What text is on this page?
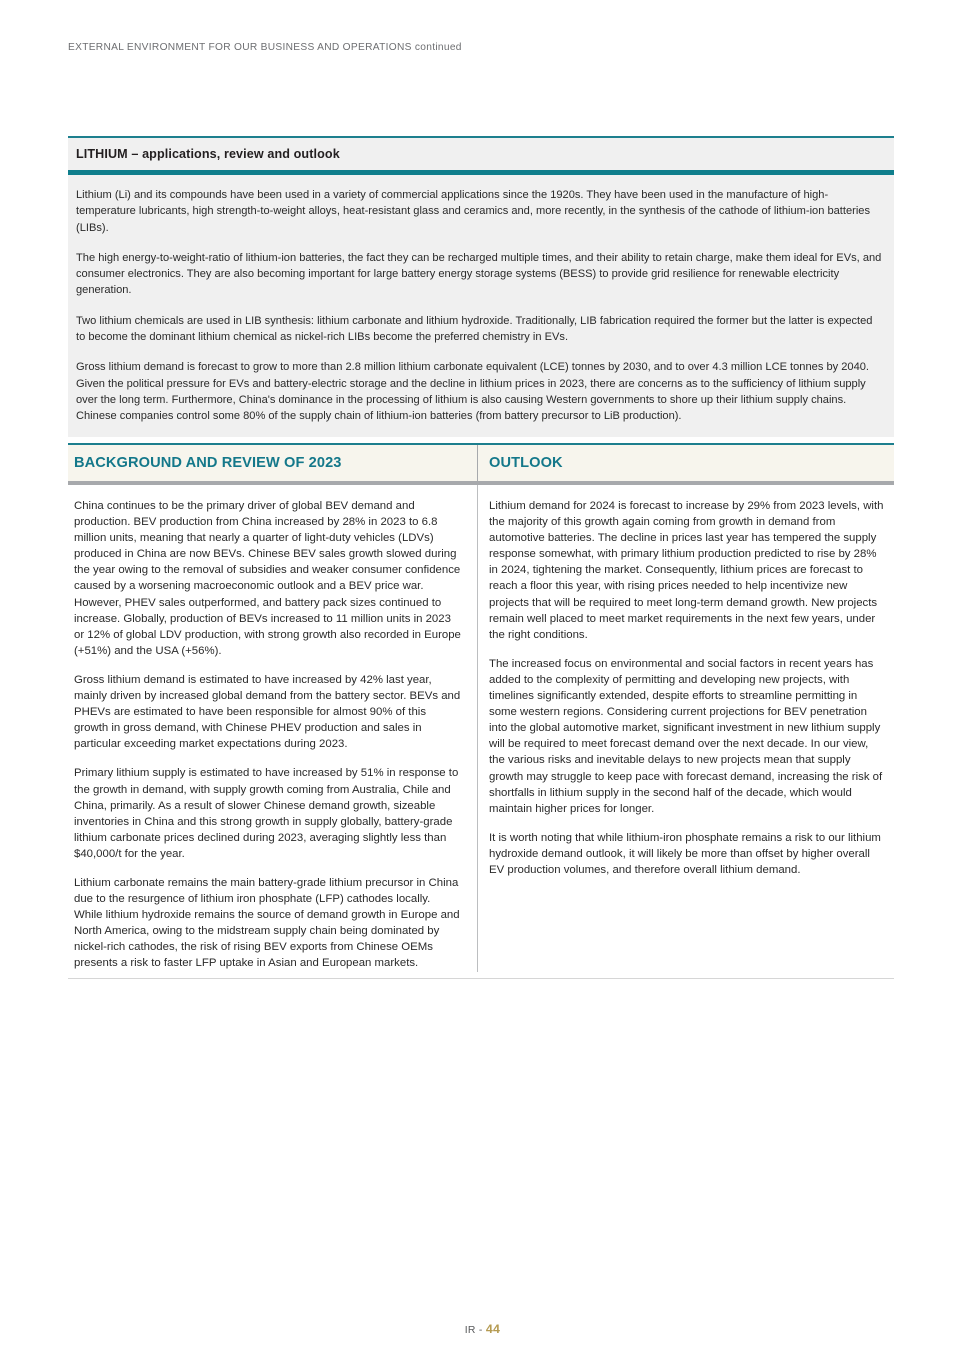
EXTERNAL ENVIRONMENT FOR OUR BUSINESS AND OPERATIONS continued
LITHIUM – applications, review and outlook

Lithium (Li) and its compounds have been used in a variety of commercial applications since the 1920s. They have been used in the manufacture of high-temperature lubricants, high strength-to-weight alloys, heat-resistant glass and ceramics and, more recently, in the synthesis of the cathode of lithium-ion batteries (LIBs).

The high energy-to-weight-ratio of lithium-ion batteries, the fact they can be recharged multiple times, and their ability to retain charge, make them ideal for EVs, and consumer electronics. They are also becoming important for large battery energy storage systems (BESS) to provide grid resilience for renewable electricity generation.

Two lithium chemicals are used in LIB synthesis: lithium carbonate and lithium hydroxide. Traditionally, LIB fabrication required the former but the latter is expected to become the dominant lithium chemical as nickel-rich LIBs become the preferred chemistry in EVs.

Gross lithium demand is forecast to grow to more than 2.8 million lithium carbonate equivalent (LCE) tonnes by 2030, and to over 4.3 million LCE tonnes by 2040. Given the political pressure for EVs and battery-electric storage and the decline in lithium prices in 2023, there are concerns as to the sufficiency of lithium supply over the long term. Furthermore, China's dominance in the processing of lithium is also causing Western governments to shore up their lithium supply chains. Chinese companies control some 80% of the supply chain of lithium-ion batteries (from battery precursor to LiB production).

BACKGROUND AND REVIEW OF 2023	OUTLOOK

China continues to be the primary driver of global BEV demand and production. BEV production from China increased by 28% in 2023 to 6.8 million units, meaning that nearly a quarter of light-duty vehicles (LDVs) produced in China are now BEVs. Chinese BEV sales growth slowed during the year owing to the removal of subsidies and weaker consumer confidence caused by a worsening macroeconomic outlook and a BEV price war. However, PHEV sales outperformed, and battery pack sizes continued to increase. Globally, production of BEVs increased to 11 million units in 2023 or 12% of global LDV production, with strong growth also recorded in Europe (+51%) and the USA (+56%).

Gross lithium demand is estimated to have increased by 42% last year, mainly driven by increased global demand from the battery sector. BEVs and PHEVs are estimated to have been responsible for almost 90% of this growth in gross demand, with Chinese PHEV production and sales in particular exceeding market expectations during 2023.

Primary lithium supply is estimated to have increased by 51% in response to the growth in demand, with supply growth coming from Australia, Chile and China, primarily. As a result of slower Chinese demand growth, sizeable inventories in China and this strong growth in supply globally, battery-grade lithium carbonate prices declined during 2023, averaging slightly less than $40,000/t for the year.

Lithium carbonate remains the main battery-grade lithium precursor in China due to the resurgence of lithium iron phosphate (LFP) cathodes locally. While lithium hydroxide remains the source of demand growth in Europe and North America, owing to the midstream supply chain being dominated by nickel-rich cathodes, the risk of rising BEV exports from Chinese OEMs presents a risk to faster LFP uptake in Asian and European markets.

Lithium demand for 2024 is forecast to increase by 29% from 2023 levels, with the majority of this growth again coming from growth in demand from automotive batteries. The decline in prices last year has tempered the supply response somewhat, with primary lithium production predicted to rise by 28% in 2024, tightening the market. Consequently, lithium prices are forecast to reach a floor this year, with rising prices needed to help incentivize new projects that will be required to meet long-term demand growth. New projects remain well placed to meet market requirements in the next few years, under the right conditions.

The increased focus on environmental and social factors in recent years has added to the complexity of permitting and developing new projects, with timelines significantly extended, despite efforts to streamline permitting in some western regions. Considering current projections for BEV penetration into the global automotive market, significant investment in new lithium supply will be required to meet forecast demand over the next decade. In our view, the various risks and inevitable delays to new projects mean that supply growth may struggle to keep pace with forecast demand, increasing the risk of shortfalls in lithium supply in the second half of the decade, which would maintain higher prices for longer.

It is worth noting that while lithium-iron phosphate remains a risk to our lithium hydroxide demand outlook, it will likely be more than offset by higher overall EV production volumes, and therefore overall lithium demand.

IR - 44
